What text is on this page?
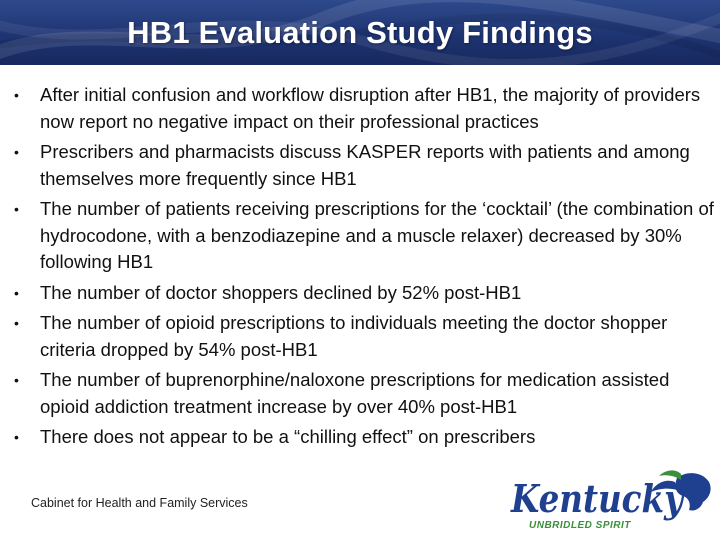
HB1 Evaluation Study Findings
• After initial confusion and workflow disruption after HB1, the majority of providers now report no negative impact on their professional practices
• Prescribers and pharmacists discuss KASPER reports with patients and among themselves more frequently since HB1
• The number of patients receiving prescriptions for the ‘cocktail’ (the combination of hydrocodone, with a benzodiazepine and a muscle relaxer) decreased by 30% following HB1
• The number of doctor shoppers declined by 52% post-HB1
• The number of opioid prescriptions to individuals meeting the doctor shopper criteria dropped by 54% post-HB1
• The number of buprenorphine/naloxone prescriptions for medication assisted opioid addiction treatment increase by over 40% post-HB1
• There does not appear to be a “chilling effect” on prescribers
Cabinet for Health and Family Services	Kentucky
UNBRIDLED SPIRIT
